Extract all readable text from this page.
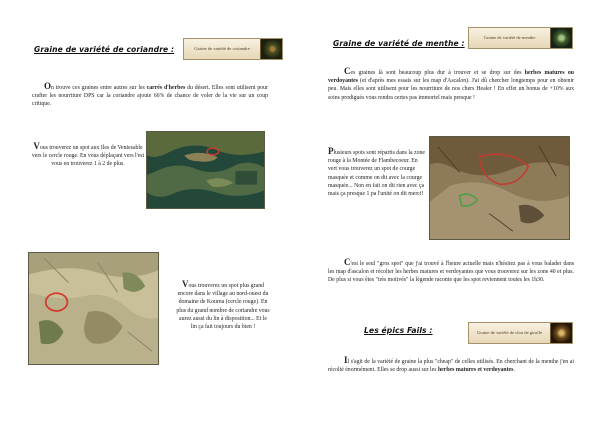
Graine de variété de coriandre :	Graine de variété de coriandre

On trouve ces graines entre autres sur les carrés d'herbes du désert. Elles sont utilisent pour crafter les nourriture DPS car la coriandre ajoute 66% de chance de voler de la vie sur un coup critique.

Vous trouverez un spot aux Iles de Ventesable vers le cercle rouge. En vous déplaçant vers l'est vous en trouverez 1 à 2 de plus.

Vous trouverez un spot plus grand encore dans le village au nord-ouest du domaine de Kourna (cercle rouge). En plus du grand nombre de coriandre vous aurez aussi du lin à disposition... Et le lin ça fait toujours du bien !

Graine de variété de menthe :
Graine de variété de menthe

Ces graines là sont beaucoup plus dur à trouver et se drop sur des herbes matures ou verdoyantes (et d'après mes essais sur les map d'Ascalon). J'ai dû chercher longtemps pour en obtenir peu. Mais elles sont utilisent pour les nourriture de nos chers Healer ! En effet un bonus de +10% aux soins prodigués vous rendra certes pas immortel mais presque !

Plusieurs spots sont répartis dans la zone rouge à la Montée de Flambecoeur. En vert vous trouverez un spot de courge masquée et comme on dit avec la courge masquée... Non en fait on dit rien avec ça mais ça presque 1 pa l'unité on dit merci!

C'est le seul "gros spot" que j'ai trouvé à l'heure actuelle mais n'hésitez pas à vous balader dans les map d'ascalon et récolter les herbes matures et verdoyantes que vous trouverez sur les zone 40 et plus. De plus si vous êtes "très motivés" la légende raconte que les spot reviennent toutes les 1h30.

Les épics Fails :	Graine de variété de clou de girofle

Il s'agit de la variété de graine la plus "cheap" de celles utilisés. En cherchant de la menthe j'en ai récolté énormément. Elles se drop aussi sur les herbes matures et verdoyantes.
